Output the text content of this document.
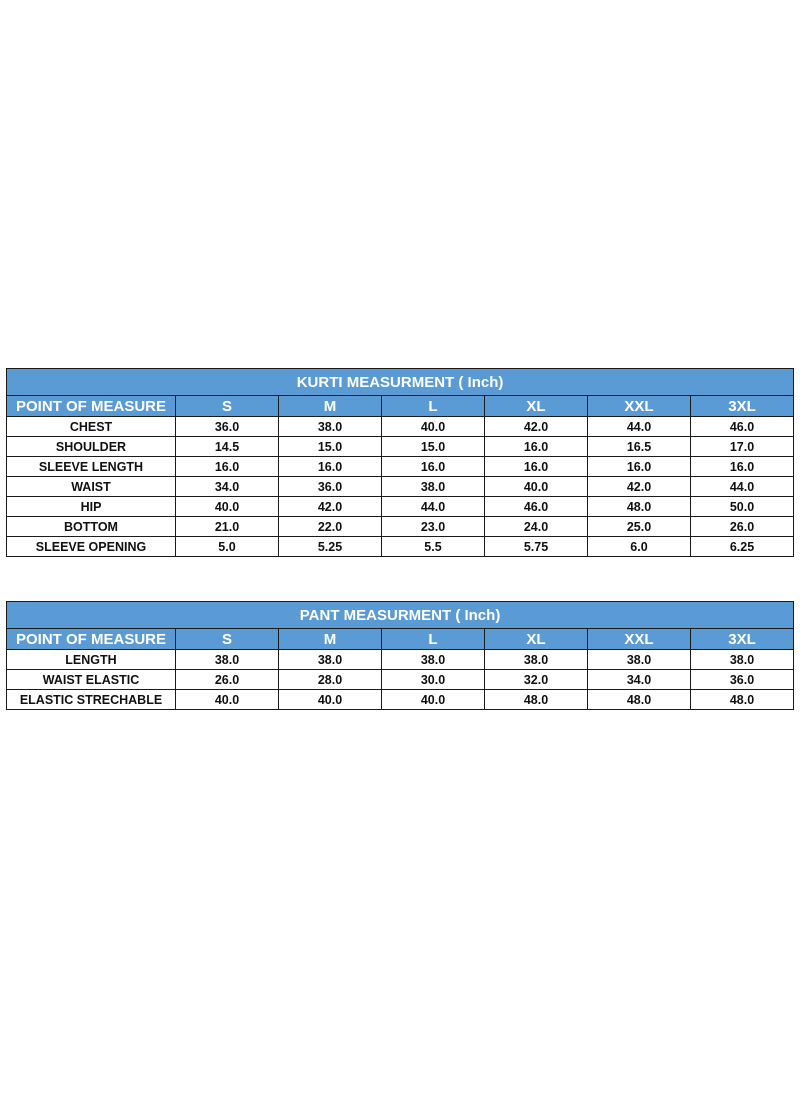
KURTI MEASURMENT ( Inch)						
POINT OF MEASURE	S	M	L	XL	XXL	3XL
CHEST	36.0	38.0	40.0	42.0	44.0	46.0
SHOULDER	14.5	15.0	15.0	16.0	16.5	17.0
SLEEVE LENGTH	16.0	16.0	16.0	16.0	16.0	16.0
WAIST	34.0	36.0	38.0	40.0	42.0	44.0
HIP	40.0	42.0	44.0	46.0	48.0	50.0
BOTTOM	21.0	22.0	23.0	24.0	25.0	26.0
SLEEVE OPENING	5.0	5.25	5.5	5.75	6.0	6.25
PANT MEASURMENT ( Inch)						
POINT OF MEASURE	S	M	L	XL	XXL	3XL
LENGTH	38.0	38.0	38.0	38.0	38.0	38.0
WAIST ELASTIC	26.0	28.0	30.0	32.0	34.0	36.0
ELASTIC STRECHABLE	40.0	40.0	40.0	48.0	48.0	48.0
